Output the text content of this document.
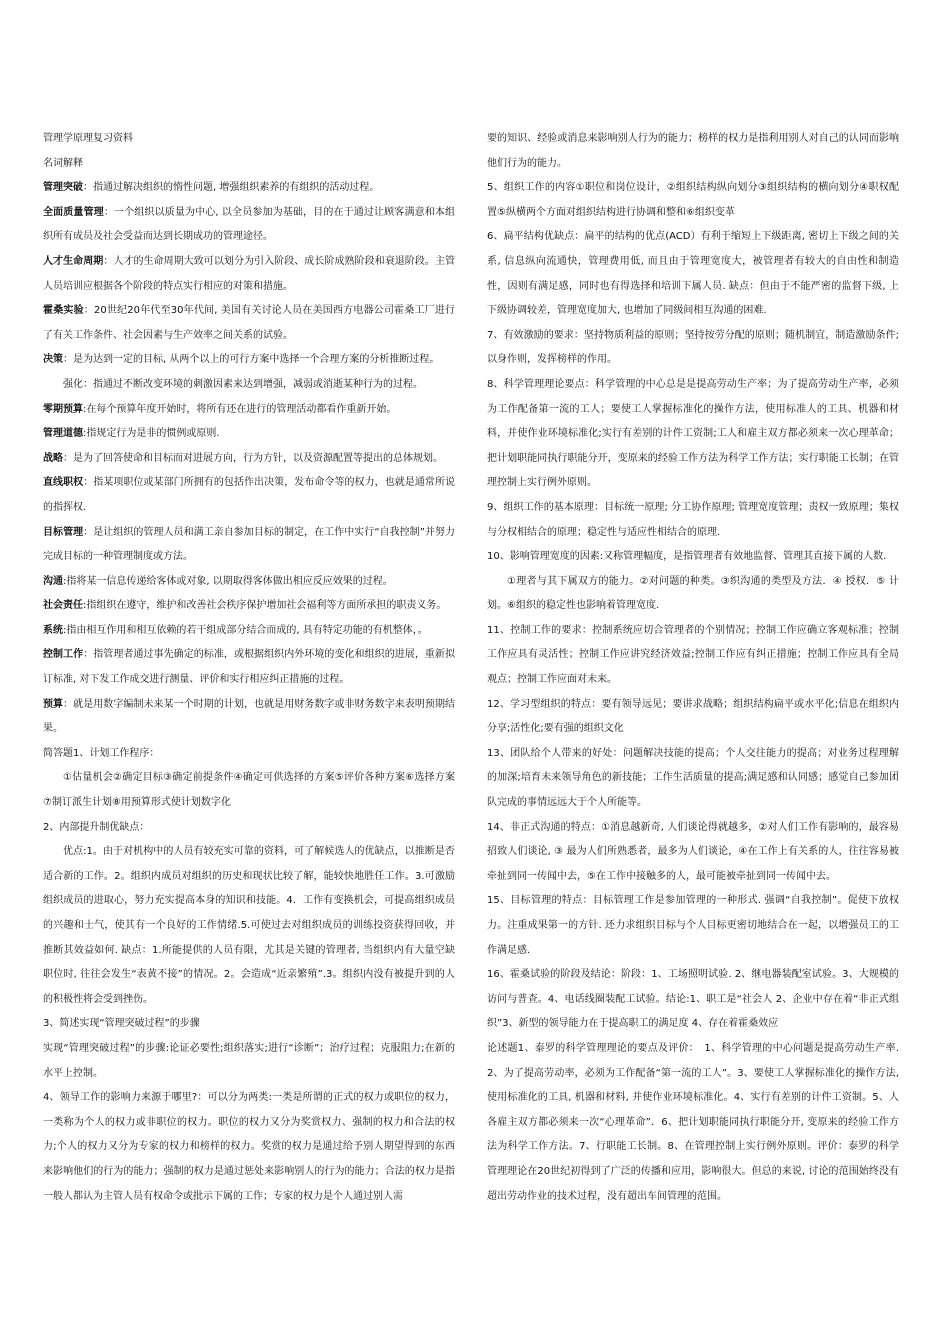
管理学原理复习资料

名词解释

管理突破：指通过解决组织的惰性问题, 增强组织素养的有组织的活动过程。

全面质量管理：一个组织以质量为中心, 以全员参加为基础，目的在于通过让顾客满意和本组织所有成员及社会受益而达到长期成功的管理途径。

人才生命周期：人才的生命周期大致可以划分为引入阶段、成长阶成熟阶段和衰退阶段。主管人员培训应根据各个阶段的特点实行相应的对策和措施。

霍桑实验：20世纪20年代至30年代间, 美国有关讨论人员在美国西方电器公司霍桑工厂进行了有关工作条件、社会因素与生产效率之间关系的试验。

决策：是为达到一定的目标, 从两个以上的可行方案中选择一个合理方案的分析推断过程。

强化：指通过不断改变环境的刺激因素来达到增强，减弱或消逝某种行为的过程。

零期预算:在每个预算年度开始时，将所有还在进行的管理活动都看作重新开始。

管理道德:指规定行为是非的惯例或原则.

战略：是为了回答使命和目标而对进展方向，行为方针，以及资源配置等提出的总体规划。

直线职权：指某项职位或某部门所拥有的包括作出决策，发布命令等的权力，也就是通常所说的指挥权.

目标管理：是让组织的管理人员和满工亲自参加目标的制定，在工作中实行“自我控制”并努力完成目标的一种管理制度或方法。

沟通:指将某一信息传递给客体或对象, 以期取得客体做出相应反应效果的过程。

社会责任:指组织在遵守，维护和改善社会秩序保护增加社会福利等方面所承担的职责义务。

系统:指由相互作用和相互依赖的若干组成部分结合而成的, 具有特定功能的有机整体，。

控制工作：指管理者通过事先确定的标准，或根据组织内外环境的变化和组织的进展，重新拟订标准, 对下发工作成交进行测量、评价和实行相应纠正措施的过程。

预算：就是用数字编制未来某一个时期的计划，也就是用财务数字或非财务数字来表明预期结果。

简答题1、计划工作程序：

①估量机会②确定目标③确定前提条件④确定可供选择的方案⑤评价各种方案⑥选择方案⑦制订派生计划⑧用预算形式使计划数字化

2、内部提升制优缺点：

优点:1。由于对机构中的人员有较充实可靠的资料，可了解候选人的优缺点，以推断是否适合新的工作。2。组织内成员对组织的历史和现状比较了解，能较快地胜任工作。3.可激励组织成员的进取心，努力充实提高本身的知识和技能。4．工作有变换机会，可提高组织成员的兴趣和士气，使其有一个良好的工作情绪.5.可使过去对组织成员的训练投资获得回收，并推断其效益如何. 缺点：1.所能提供的人员有限，尤其是关键的管理者, 当组织内有大量空缺职位时, 往往会发生“表黄不接”的情况。2。会造成“近亲繁殖”.3。组织内没有被提升到的人的积极性将会受到挫伤。

3、简述实现“管理突破过程”的步骤

实现“管理突破过程”的步骤:论证必要性;组织落实;进行“诊断”；治疗过程；克服阻力;在新的水平上控制。

4、领导工作的影响力来源于哪里?：可以分为两类:一类是所谓的正式的权力或职位的权力，一类称为个人的权力或非职位的权力。职位的权力又分为奖赏权力、强制的权力和合法的权力;个人的权力又分为专家的权力和榜样的权力。奖赏的权力是通过给予别人期望得到的东西来影响他们的行为的能力；强制的权力是通过惩处来影响别人的行为的能力；合法的权力是指一般人都认为主管人员有权命令或批示下属的工作；专家的权力是个人通过别人需

要的知识、经验或消息来影响别人行为的能力；榜样的权力是指利用别人对自己的认同而影响他们行为的能力。

5、组织工作的内容①职位和岗位设计，②组织结构纵向划分③组织结构的横向划分④职权配置⑤纵横两个方面对组织结构进行协调和整和⑥组织变革

6、扁平结构优缺点：扁平的结构的优点(ACD）有利于缩短上下级距离, 密切上下级之间的关系, 信息纵向流通快，管理费用低, 而且由于管理宽度大，被管理者有较大的自由性和制造性，因则有满足感，同时也有得选择和培训下属人员. 缺点：但由于不能严密的监督下级, 上下级协调较差，管理宽度加大, 也增加了同级间相互沟通的困难.

7、有效激励的要求：坚持物质利益的原则；坚持按劳分配的原则；随机制宜，制造激励条件;以身作则，发挥榜样的作用。

8、科学管理理论要点：科学管理的中心总是是提高劳动生产率；为了提高劳动生产率，必须为工作配备第一流的工人；要使工人掌握标准化的操作方法，使用标准人的工具、机器和材料，并使作业环境标准化;实行有差别的计件工资制;工人和雇主双方都必须来一次心理革命；把计划职能同执行职能分开，变原来的经验工作方法为科学工作方法；实行职能工长制；在管理控制上实行例外原则。

9、组织工作的基本原理：目标统一原理; 分工协作原理; 管理宽度管理；责权一致原理；集权与分权相结合的原理；稳定性与适应性相结合的原理.

10、影响管理宽度的因素:又称管理幅度，是指管理者有效地监督、管理其直接下属的人数.

①理者与其下属双方的能力。②对问题的种类。③织沟通的类型及方法．④ 授权．⑤ 计划。⑥组织的稳定性也影响着管理宽度.

11、控制工作的要求：控制系统应切合管理者的个别情况；控制工作应确立客观标准；控制工作应具有灵活性；控制工作应讲究经济效益;控制工作应有纠正措施；控制工作应具有全局观点；控制工作应面对未来。

12、学习型组织的特点：要有领导远见；要讲求战略；组织结构扁平或水平化;信息在组织内分享;活性化;要有强的组织文化

13、团队给个人带来的好处：问题解决技能的提高；个人交往能力的提高；对业务过程理解的加深;培育未来领导角色的新技能；工作生活质量的提高;满足感和认同感；感觉自己参加团队完成的事情远远大于个人所能等。

14、非正式沟通的特点：①消息越新奇, 人们谈论得就越多，②对人们工作有影响的，最容易招致人们谈论, ③ 最为人们所熟悉者，最多为人们谈论，④在工作上有关系的人，往往容易被牵扯到同一传闻中去，⑤在工作中接触多的人，最可能被牵扯到同一传闻中去。

15、目标管理的特点：目标管理工作是参加管理的一种形式. 强调“自我控制”。促使下放权力。注重成果第一的方针. 还力求组织目标与个人目标更密切地结合在一起，以增强员工的工作满足感.

16、霍桑试验的阶段及结论：阶段：1、工场照明试验. 2、继电器装配室试验。3、大规模的访问与普查。4、电话线圈装配工试验。结论:1、职工是“社会人 2、企业中存在着“非正式组织”3、新型的领导能力在于提高职工的满足度 4、存在着霍桑效应

论述题1、泰罗的科学管理理论的要点及评价：　1、科学管理的中心问题是提高劳动生产率. 2、为了提高劳动率，必须为工作配备“第一流的工人”。3、要使工人掌握标准化的操作方法, 使用标准化的工具, 机器和材料, 并使作业环境标准化。4、实行有差别的计件工资制。5、人各雇主双方都必须来一次“心理革命”．6、把计划职能同执行职能分开, 变原来的经验工作方法为科学工作方法。7、行职能工长制。8、在管理控制上实行例外原则。评价：泰罗的科学管理理论在20世纪初得到了广泛的传播和应用，影响很大。但总的来说, 讨论的范围始终没有超出劳动作业的技术过程，没有超出车间管理的范围。
